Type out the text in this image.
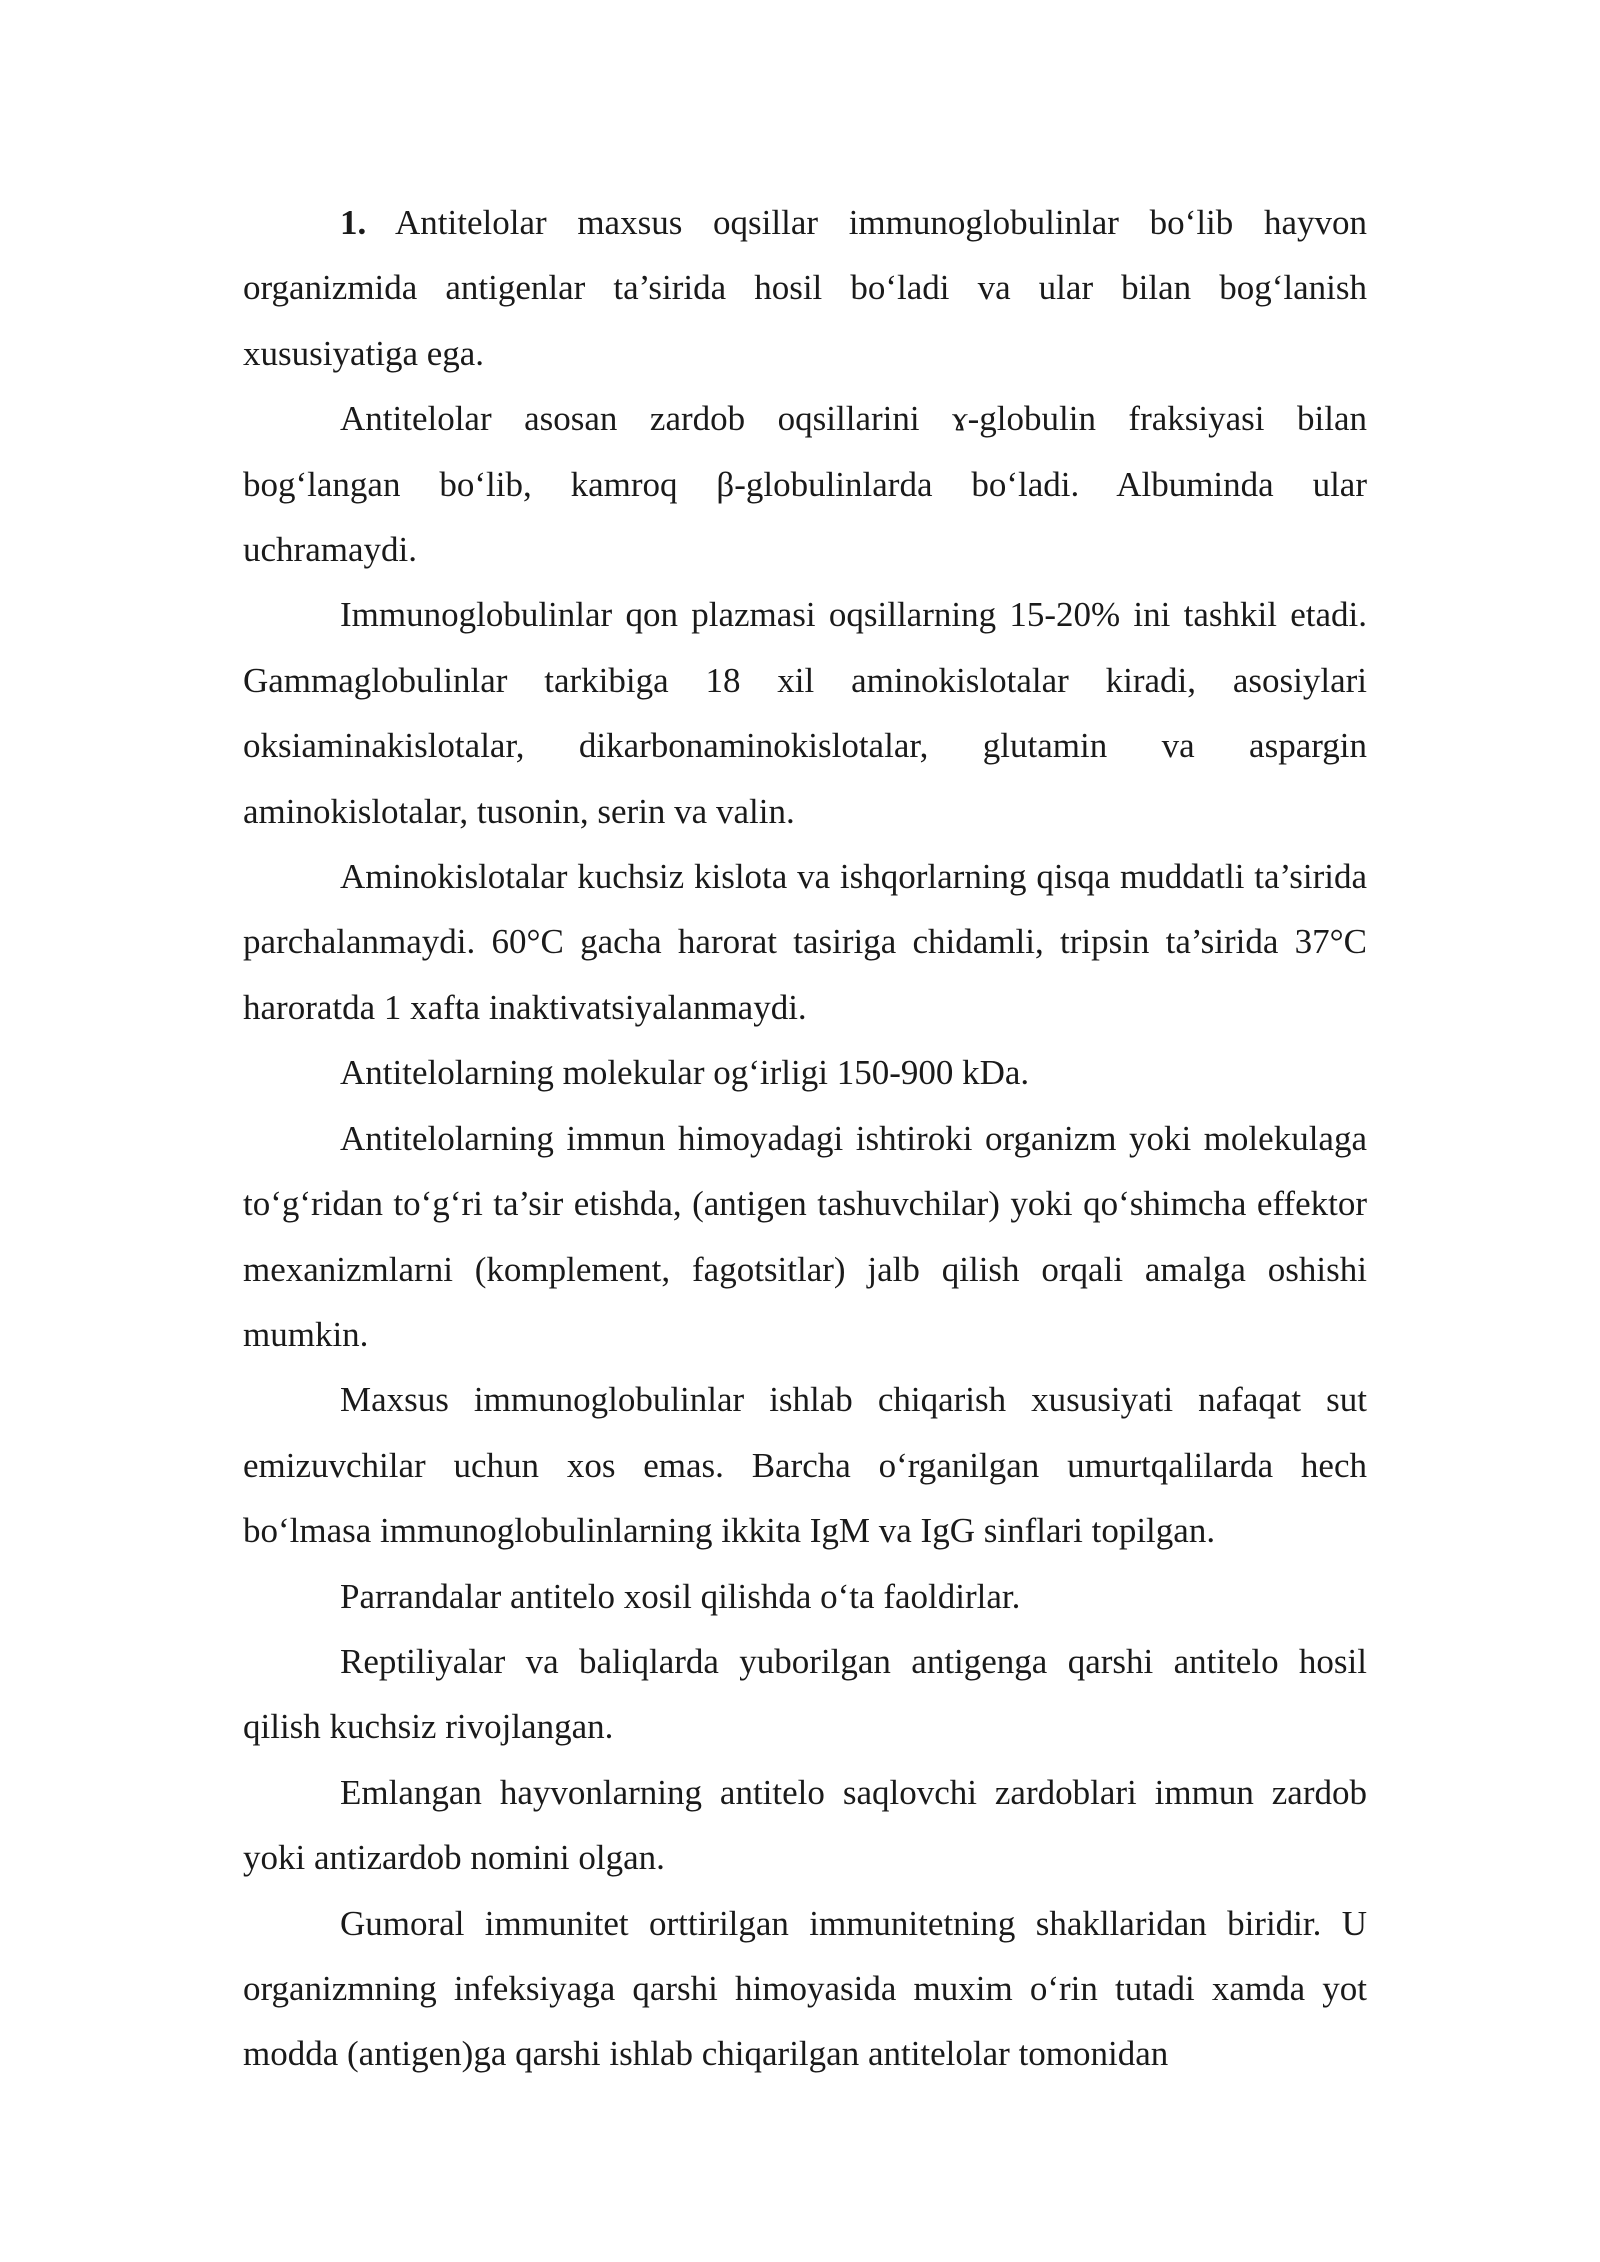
1. Antitelolar maxsus oqsillar immunoglobulinlar bo‘lib hayvon organizmida antigenlar ta’sirida hosil bo‘ladi va ular bilan bog‘lanish xususiyatiga ega.

Antitelolar asosan zardob oqsillarini ɤ-globulin fraksiyasi bilan bog‘langan bo‘lib, kamroq β-globulinlarda bo‘ladi. Albuminda ular uchramaydi.

Immunoglobulinlar qon plazmasi oqsillarning 15-20% ini tashkil etadi. Gammaglobulinlar tarkibiga 18 xil aminokislotalar kiradi, asosiylari oksiaminakislotalar, dikarbonaminokislotalar, glutamin va aspargin aminokislotalar, tusonin, serin va valin.

Aminokislotalar kuchsiz kislota va ishqorlarning qisqa muddatli ta’sirida parchalanmaydi. 60°C gacha harorat tasiriga chidamli, tripsin ta’sirida 37°C haroratda 1 xafta inaktivatsiyalanmaydi.

Antitelolarning molekular og‘irligi 150-900 kDa.

Antitelolarning immun himoyadagi ishtiroki organizm yoki molekulaga to‘g‘ridan to‘g‘ri ta’sir etishda, (antigen tashuvchilar) yoki qo‘shimcha effektor mexanizmlarni (komplement, fagotsitlar) jalb qilish orqali amalga oshishi mumkin.

Maxsus immunoglobulinlar ishlab chiqarish xususiyati nafaqat sut emizuvchilar uchun xos emas. Barcha o‘rganilgan umurtqalilarda hech bo‘lmasa immunoglobulinlarning ikkita IgM va IgG sinflari topilgan.

Parrandalar antitelo xosil qilishda o‘ta faoldirlar.

Reptiliyalar va baliqlarda yuborilgan antigenga qarshi antitelo hosil qilish kuchsiz rivojlangan.

Emlangan hayvonlarning antitelo saqlovchi zardoblari immun zardob yoki antizardob nomini olgan.

Gumoral immunitet orttirilgan immunitetning shakllaridan biridir. U organizmning infeksiyaga qarshi himoyasida muxim o‘rin tutadi xamda yot modda (antigen)ga qarshi ishlab chiqarilgan antitelolar tomonidan
